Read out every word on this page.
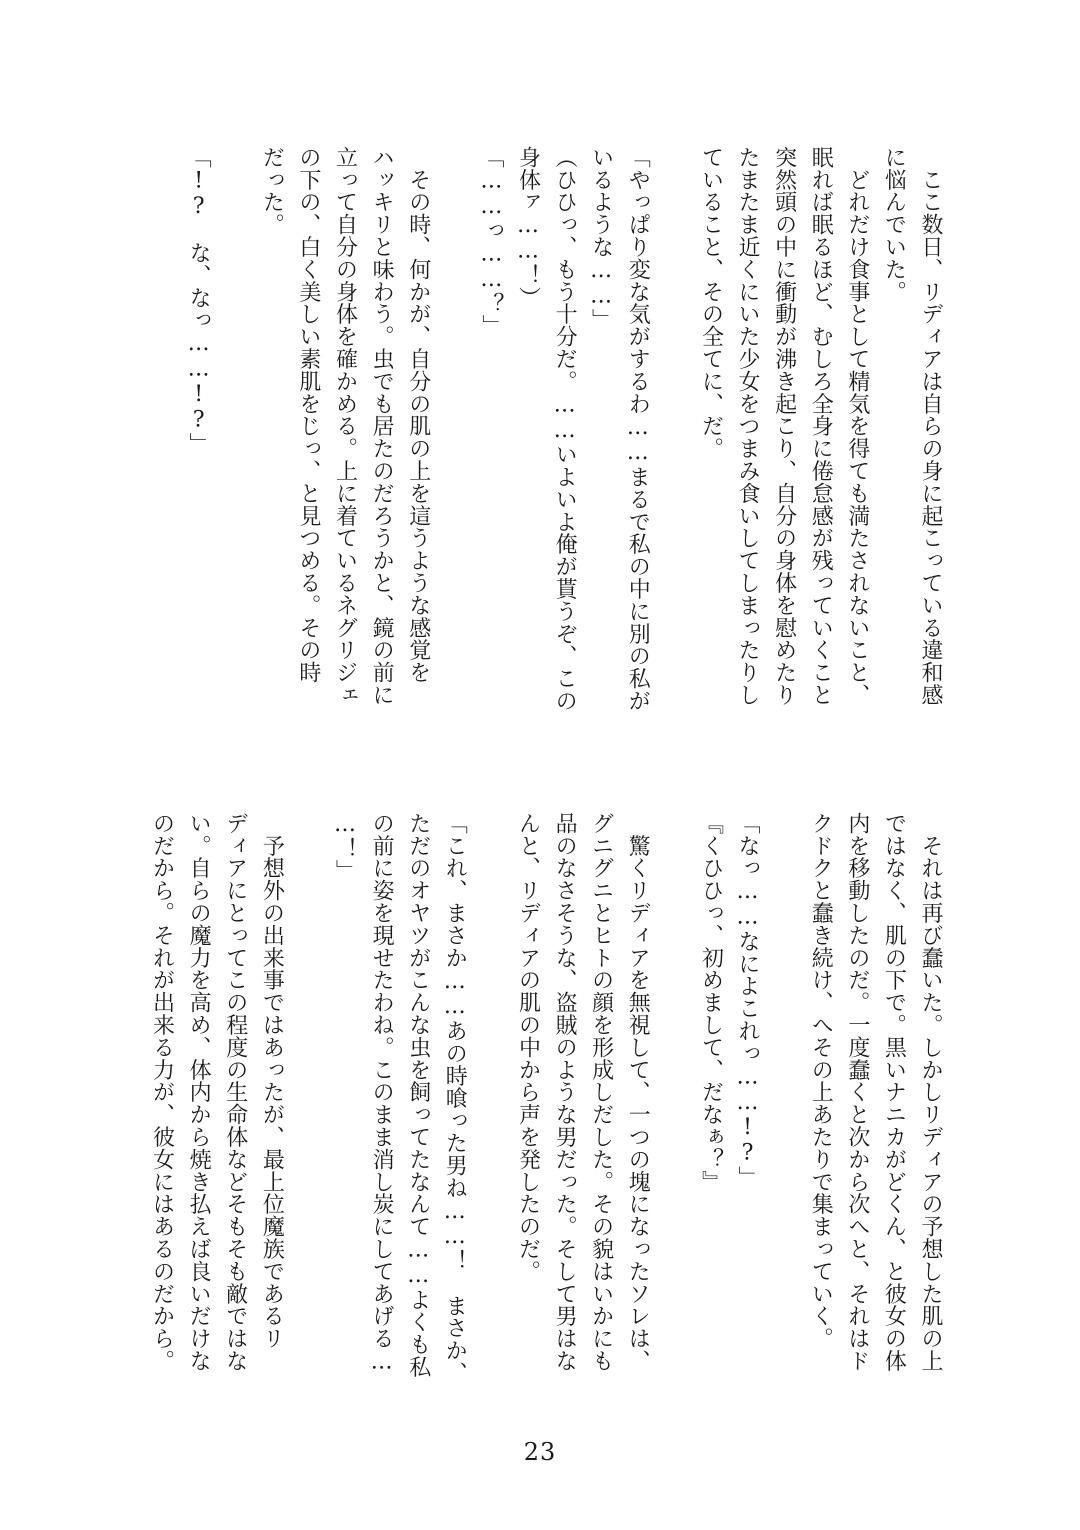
　ここ数日、リディアは自らの身に起こっている違和感
に悩んでいた。
　どれだけ食事として精気を得ても満たされないこと、
眠れば眠るほど、むしろ全身に倦怠感が残っていくこと
突然頭の中に衝動が沸き起こり、自分の身体を慰めたり
たまたま近くにいた少女をつまみ食いしてしまったりし
ていること、その全てに、だ。
「やっぱり変な気がするわ……まるで私の中に別の私が
いるような……」
（ひひっ、もう十分だ。……いよいよ俺が貰うぞ、この
身体ァ……！）
「……っ……？」
　その時、何かが、自分の肌の上を這うような感覚を
ハッキリと味わう。虫でも居たのだろうかと、鏡の前に
立って自分の身体を確かめる。上に着ているネグリジェ
の下の、白く美しい素肌をじっ、と見つめる。その時
だった。
「!?　な、なっ……!?」
　それは再び蠢いた。しかしリディアの予想した肌の上
ではなく、肌の下で。黒いナニカがどくん、と彼女の体
内を移動したのだ。一度蠢くと次から次へと、それはド
クドクと蠢き続け、へその上あたりで集まっていく。
「なっ……なによこれっ……!?」
『くひひっ、初めまして、だなぁ？』
　驚くリディアを無視して、一つの塊になったソレは、
グニグニとヒトの顔を形成しだした。その貌はいかにも
品のなさそうな、盗賊のような男だった。そして男はな
んと、リディアの肌の中から声を発したのだ。
「これ、まさか……あの時喰った男ね……！　まさか、
ただのオヤツがこんな虫を飼ってたなんて……よくも私
の前に姿を現せたわね。このまま消し炭にしてあげる…
…！」
　予想外の出来事ではあったが、最上位魔族であるリ
ディアにとってこの程度の生命体などそもそも敵ではな
い。自らの魔力を高め、体内から焼き払えば良いだけな
のだから。それが出来る力が、彼女にはあるのだから。
23
